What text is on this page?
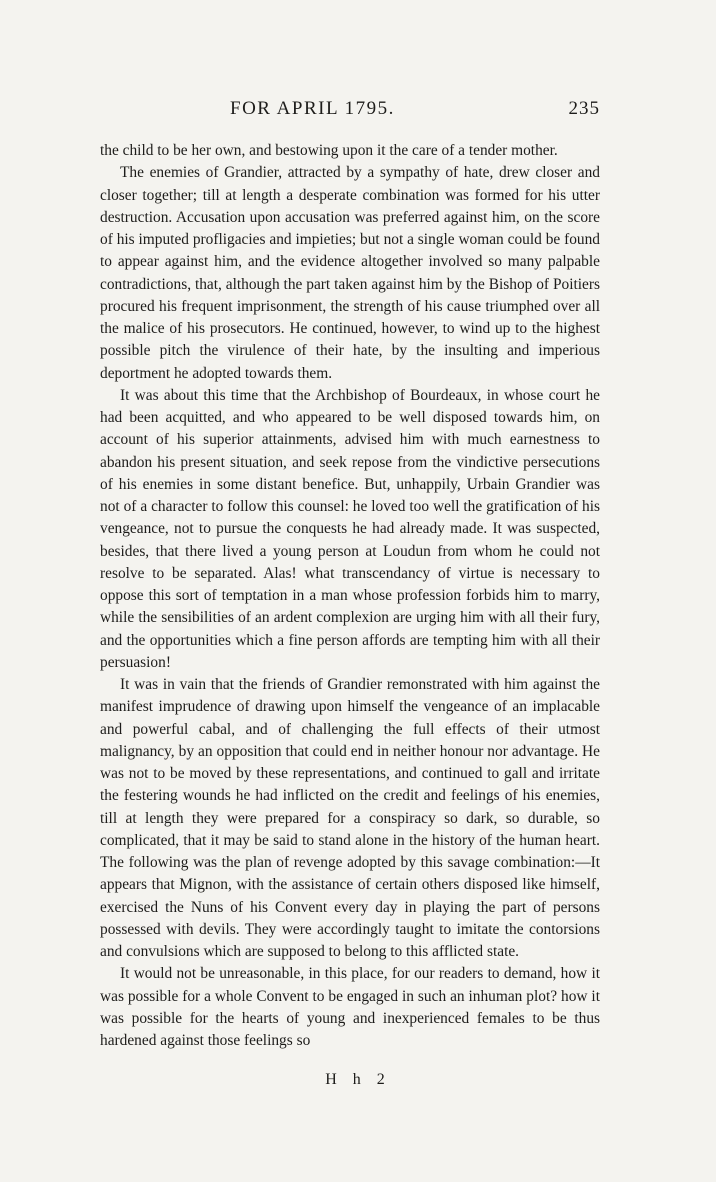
FOR APRIL 1795.	235

the child to be her own, and bestowing upon it the care of a tender mother.

The enemies of Grandier, attracted by a sympathy of hate, drew closer and closer together; till at length a desperate combination was formed for his utter destruction. Accusation upon accusation was preferred against him, on the score of his imputed profligacies and impieties; but not a single woman could be found to appear against him, and the evidence altogether involved so many palpable contradictions, that, although the part taken against him by the Bishop of Poitiers procured his frequent imprisonment, the strength of his cause triumphed over all the malice of his prosecutors. He continued, however, to wind up to the highest possible pitch the virulence of their hate, by the insulting and imperious deportment he adopted towards them.

It was about this time that the Archbishop of Bourdeaux, in whose court he had been acquitted, and who appeared to be well disposed towards him, on account of his superior attainments, advised him with much earnestness to abandon his present situation, and seek repose from the vindictive persecutions of his enemies in some distant benefice. But, unhappily, Urbain Grandier was not of a character to follow this counsel: he loved too well the gratification of his vengeance, not to pursue the conquests he had already made. It was suspected, besides, that there lived a young person at Loudun from whom he could not resolve to be separated. Alas! what transcendancy of virtue is necessary to oppose this sort of temptation in a man whose profession forbids him to marry, while the sensibilities of an ardent complexion are urging him with all their fury, and the opportunities which a fine person affords are tempting him with all their persuasion!

It was in vain that the friends of Grandier remonstrated with him against the manifest imprudence of drawing upon himself the vengeance of an implacable and powerful cabal, and of challenging the full effects of their utmost malignancy, by an opposition that could end in neither honour nor advantage. He was not to be moved by these representations, and continued to gall and irritate the festering wounds he had inflicted on the credit and feelings of his enemies, till at length they were prepared for a conspiracy so dark, so durable, so complicated, that it may be said to stand alone in the history of the human heart. The following was the plan of revenge adopted by this savage combination:—It appears that Mignon, with the assistance of certain others disposed like himself, exercised the Nuns of his Convent every day in playing the part of persons possessed with devils. They were accordingly taught to imitate the contorsions and convulsions which are supposed to belong to this afflicted state.

It would not be unreasonable, in this place, for our readers to demand, how it was possible for a whole Convent to be engaged in such an inhuman plot? how it was possible for the hearts of young and inexperienced females to be thus hardened against those feelings so

H h 2
